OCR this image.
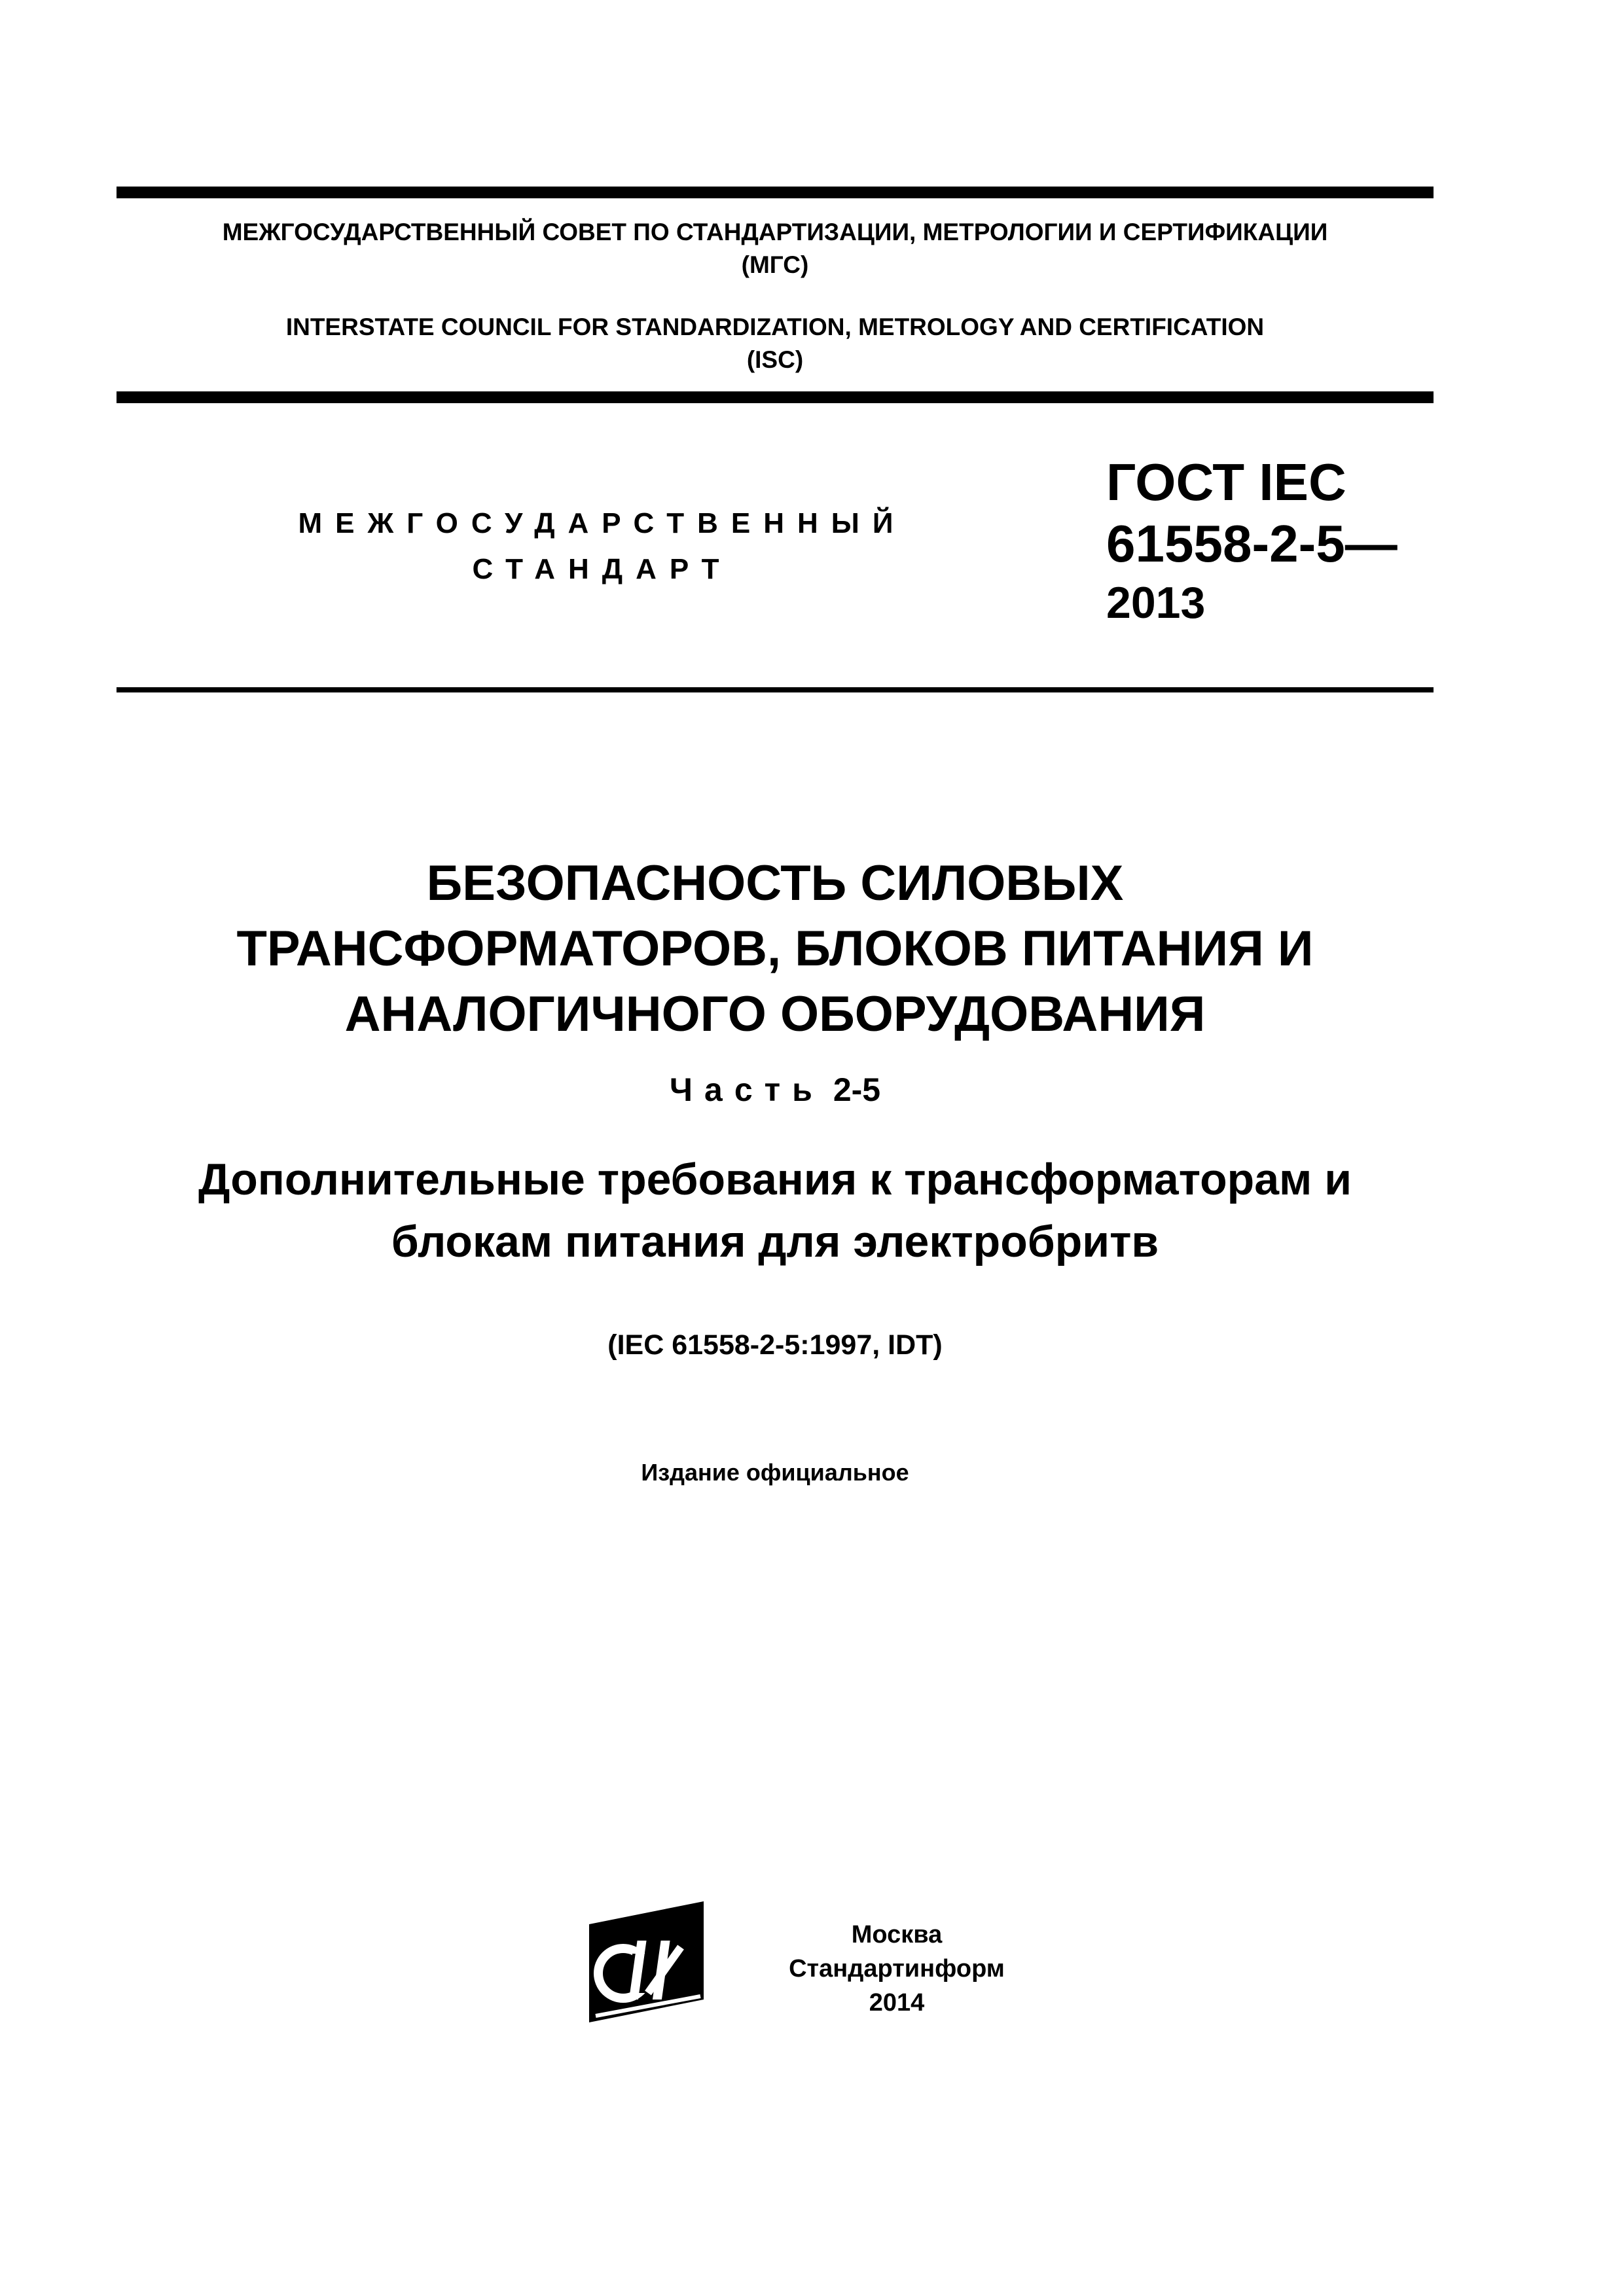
МЕЖГОСУДАРСТВЕННЫЙ СОВЕТ ПО СТАНДАРТИЗАЦИИ, МЕТРОЛОГИИ И СЕРТИФИКАЦИИ
(МГС)
INTERSTATE COUNCIL FOR STANDARDIZATION, METROLOGY AND CERTIFICATION
(ISC)
МЕЖГОСУДАРСТВЕННЫЙ
СТАНДАРТ
ГОСТ IEC
61558-2-5—
2013
БЕЗОПАСНОСТЬ СИЛОВЫХ
ТРАНСФОРМАТОРОВ, БЛОКОВ ПИТАНИЯ И
АНАЛОГИЧНОГО ОБОРУДОВАНИЯ
Часть 2-5
Дополнительные требования к трансформаторам и
блокам питания для электробритв
(IEC 61558-2-5:1997, IDT)
Издание официальное
Москва
Стандартинформ
2014
